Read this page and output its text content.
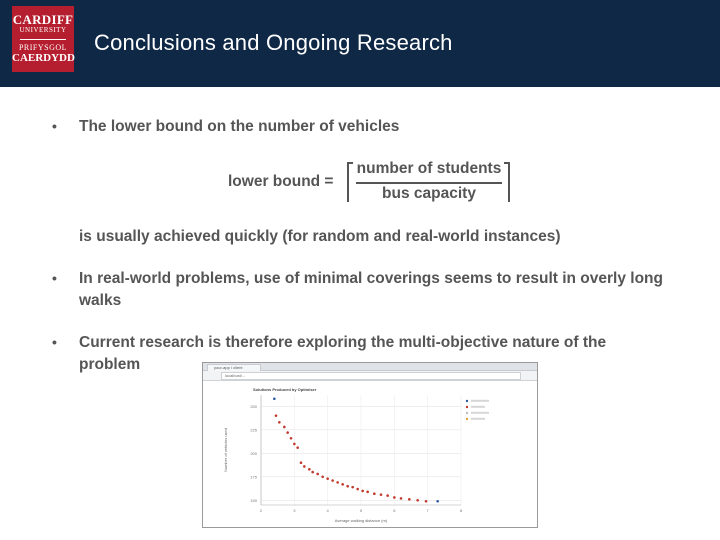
CARDIFF
UNIVERSITY
PRIFYSGOL
CAERDYDD
Conclusions and Ongoing Research
• The lower bound on the number of vehicles
lower bound =
number of students
bus capacity
is usually achieved quickly (for random and real-world instances)
• In real-world problems, use of minimal coverings seems to result in overly long walks
• Current research is therefore exploring the multi-objective nature of the problem	your-app / client
localhost/...
Solutions Produced by Optimiser
150
175
200
225
250
2	3	4	5	6	7	8
Average walking distance (m)
Number of vehicles used
